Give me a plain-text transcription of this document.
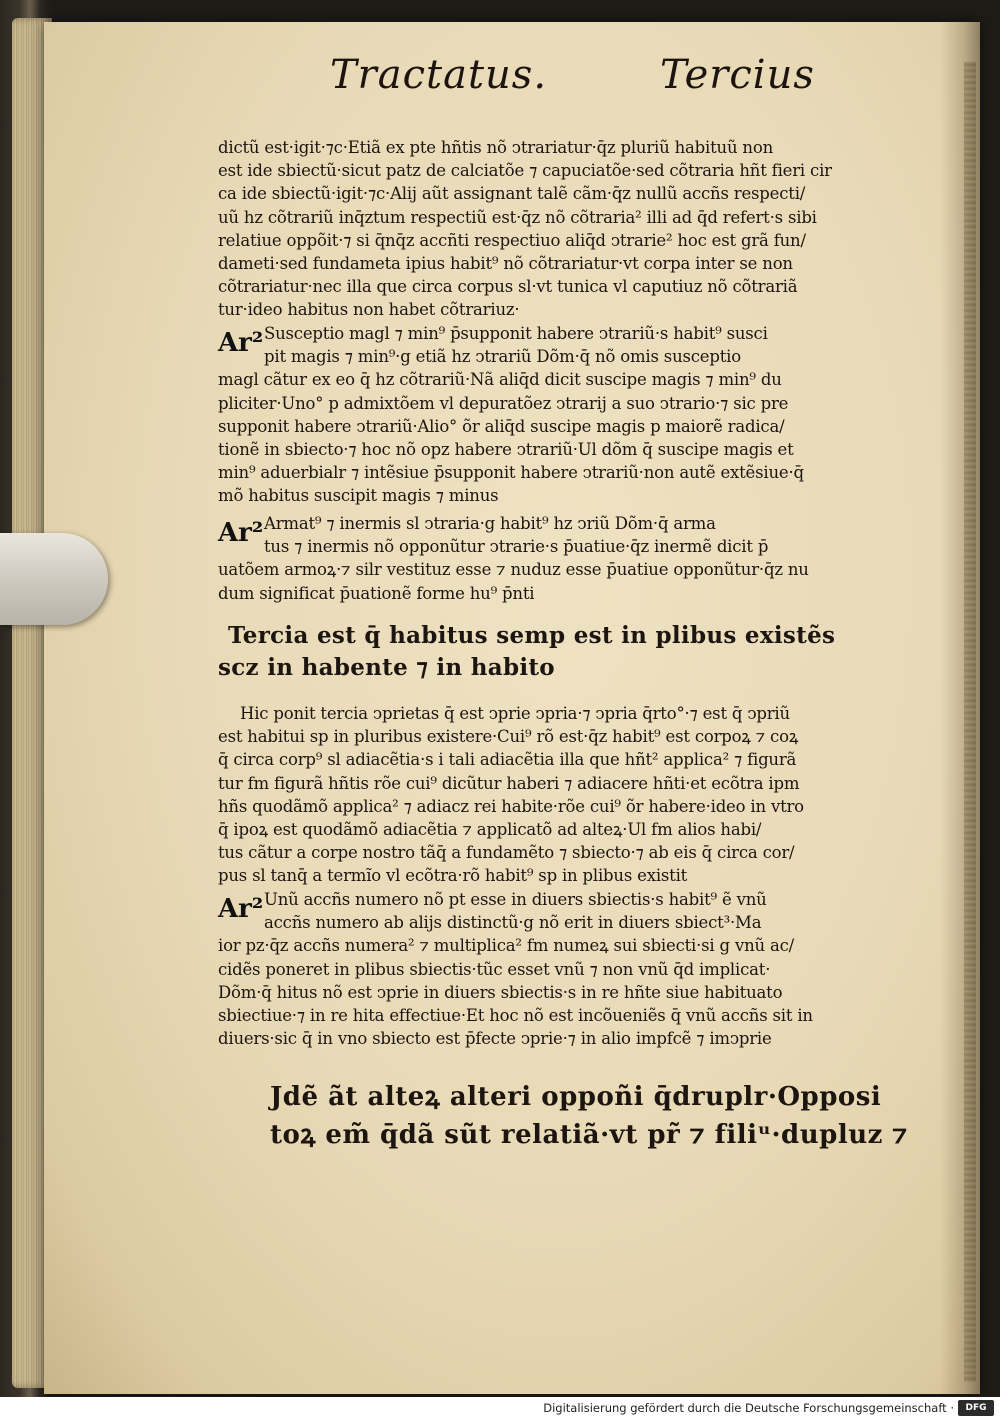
Tractatus.	Tercius
dictũ est·igit·⁊c·Etiã ex pte hñtis nõ ↄtrariatur·q̄z pluriũ habituũ non
est ide sbiectũ·sicut patz de calciatõe ⁊ capuciatõe·sed cõtraria hñt fieri cir
ca ide sbiectũ·igit·⁊c·Alij aũt assignant talẽ cãm·q̄z nullũ accñs respecti/
uũ hz cõtrariũ inq̄ztum respectiũ est·q̄z nõ cõtraria² illi ad q̄d refert·s sibi
relatiue oppõit·⁊ si q̄nq̄z accñti respectiuo aliq̄d ↄtrarie² hoc est grã fun/
dameti·sed fundameta ipius habit⁹ nõ cõtrariatur·vt corpa inter se non
cõtrariatur·nec illa que circa corpus sl·vt tunica vl caputiuz nõ cõtrariã
tur·ideo habitus non habet cõtrariuz·
Ar² Susceptio magl ⁊ min⁹ p̄supponit habere ↄtrariũ·s habit⁹ susci
pit magis ⁊ min⁹·g etiã hz ↄtrariũ Dõm·q̄ nõ omis susceptio
magl cãtur ex eo q̄ hz cõtrariũ·Nã aliq̄d dicit suscipe magis ⁊ min⁹ du
pliciter·Uno° p admixtõem vl depuratõez ↄtrarij a suo ↄtrario·⁊ sic pre
supponit habere ↄtrariũ·Alio° õr aliq̄d suscipe magis p maiorẽ radica/
tionẽ in sbiecto·⁊ hoc nõ opz habere ↄtrariũ·Ul dõm q̄ suscipe magis et
min⁹ aduerbialr ⁊ intẽsiue p̄supponit habere ↄtrariũ·non autẽ extẽsiue·q̄
mõ habitus suscipit magis ⁊ minus
Ar² Armat⁹ ⁊ inermis sl ↄtraria·g habit⁹ hz ↄriũ Dõm·q̄ arma
tus ⁊ inermis nõ opponũtur ↄtrarie·s p̄uatiue·q̄z inermẽ dicit p̄
uatõem armoꝝ·⁊ silr vestituz esse ⁊ nuduz esse p̄uatiue opponũtur·q̄z nu
dum significat p̄uationẽ forme hu⁹ p̄nti
Tercia est q̄ habitus semp est in plibus existẽs
scz in habente ⁊ in habito
Hic ponit tercia ↄprietas q̄ est ↄprie ↄpria·⁊ ↄpria q̄rto°·⁊ est q̄ ↄpriũ
est habitui sp in pluribus existere·Cui⁹ rõ est·q̄z habit⁹ est corpoꝝ ⁊ coꝝ
q̄ circa corp⁹ sl adiacẽtia·s i tali adiacẽtia illa que hñt² applica² ⁊ figurã
tur fm figurã hñtis rõe cui⁹ dicũtur haberi ⁊ adiacere hñti·et ecõtra ipm
hñs quodãmõ applica² ⁊ adiacz rei habite·rõe cui⁹ õr habere·ideo in vtro
q̄ ipoꝝ est quodãmõ adiacẽtia ⁊ applicatõ ad alteꝝ·Ul fm alios habi/
tus cãtur a corpe nostro tãq̄ a fundamẽto ⁊ sbiecto·⁊ ab eis q̄ circa cor/
pus sl tanq̄ a termĩo vl ecõtra·rõ habit⁹ sp in plibus existit
Ar² Unũ accñs numero nõ pt esse in diuers sbiectis·s habit⁹ ẽ vnũ
accñs numero ab alijs distinctũ·g nõ erit in diuers sbiect³·Ma
ior pz·q̄z accñs numera² ⁊ multiplica² fm numeꝝ sui sbiecti·si g vnũ ac/
cidẽs poneret in plibus sbiectis·tũc esset vnũ ⁊ non vnũ q̄d implicat·
Dõm·q̄ hitus nõ est ↄprie in diuers sbiectis·s in re hñte siue habituato
sbiectiue·⁊ in re hita effectiue·Et hoc nõ est incõueniẽs q̄ vnũ accñs sit in
diuers·sic q̄ in vno sbiecto est p̄fecte ↄprie·⁊ in alio impfcẽ ⁊ imↄprie
Jdẽ ãt alteꝝ alteri oppoñi q̄druplr·Opposi
toꝝ em̃ q̄dã sũt relatiã·vt pr̃ ⁊ filiᵘ·dupluz ⁊
Digitalisierung gefördert durch die Deutsche Forschungsgemeinschaft ·	DFG
